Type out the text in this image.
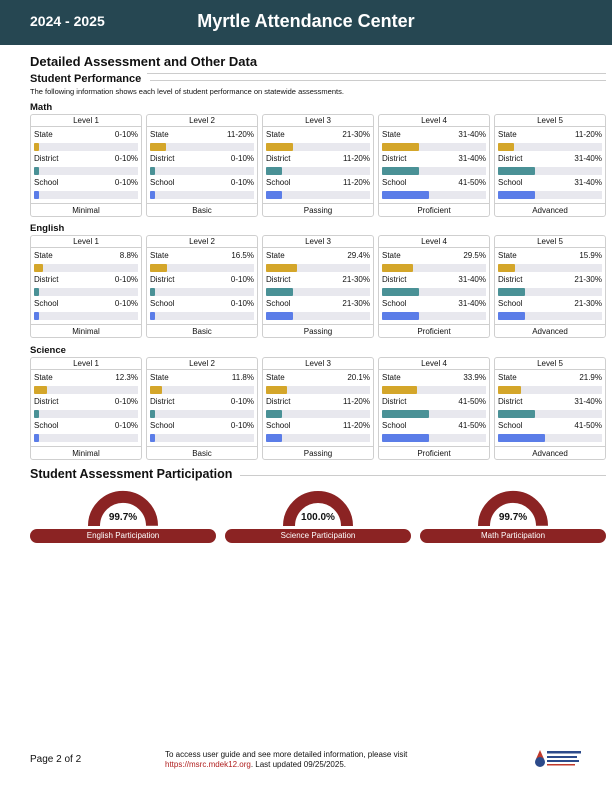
2024 - 2025	Myrtle Attendance Center
Detailed Assessment and Other Data
Student Performance
The following information shows each level of student performance on statewide assessments.
Math
Level 1
State	0-10%
District	0-10%
School	0-10%
Minimal
Level 2
State	11-20%
District	0-10%
School	0-10%
Basic
Level 3
State	21-30%
District	11-20%
School	11-20%
Passing
Level 4
State	31-40%
District	31-40%
School	41-50%
Proficient
Level 5
State	11-20%
District	31-40%
School	31-40%
Advanced
English
Level 1
State	8.8%
District	0-10%
School	0-10%
Minimal
Level 2
State	16.5%
District	0-10%
School	0-10%
Basic
Level 3
State	29.4%
District	21-30%
School	21-30%
Passing
Level 4
State	29.5%
District	31-40%
School	31-40%
Proficient
Level 5
State	15.9%
District	21-30%
School	21-30%
Advanced
Science
Level 1
State	12.3%
District	0-10%
School	0-10%
Minimal
Level 2
State	11.8%
District	0-10%
School	0-10%
Basic
Level 3
State	20.1%
District	11-20%
School	11-20%
Passing
Level 4
State	33.9%
District	41-50%
School	41-50%
Proficient
Level 5
State	21.9%
District	31-40%
School	41-50%
Advanced
Student Assessment Participation
99.7%
English Participation
100.0%
Science Participation
99.7%
Math Participation
Page 2 of 2	To access user guide and see more detailed information, please visit
https://msrc.mdek12.org. Last updated 09/25/2025.
